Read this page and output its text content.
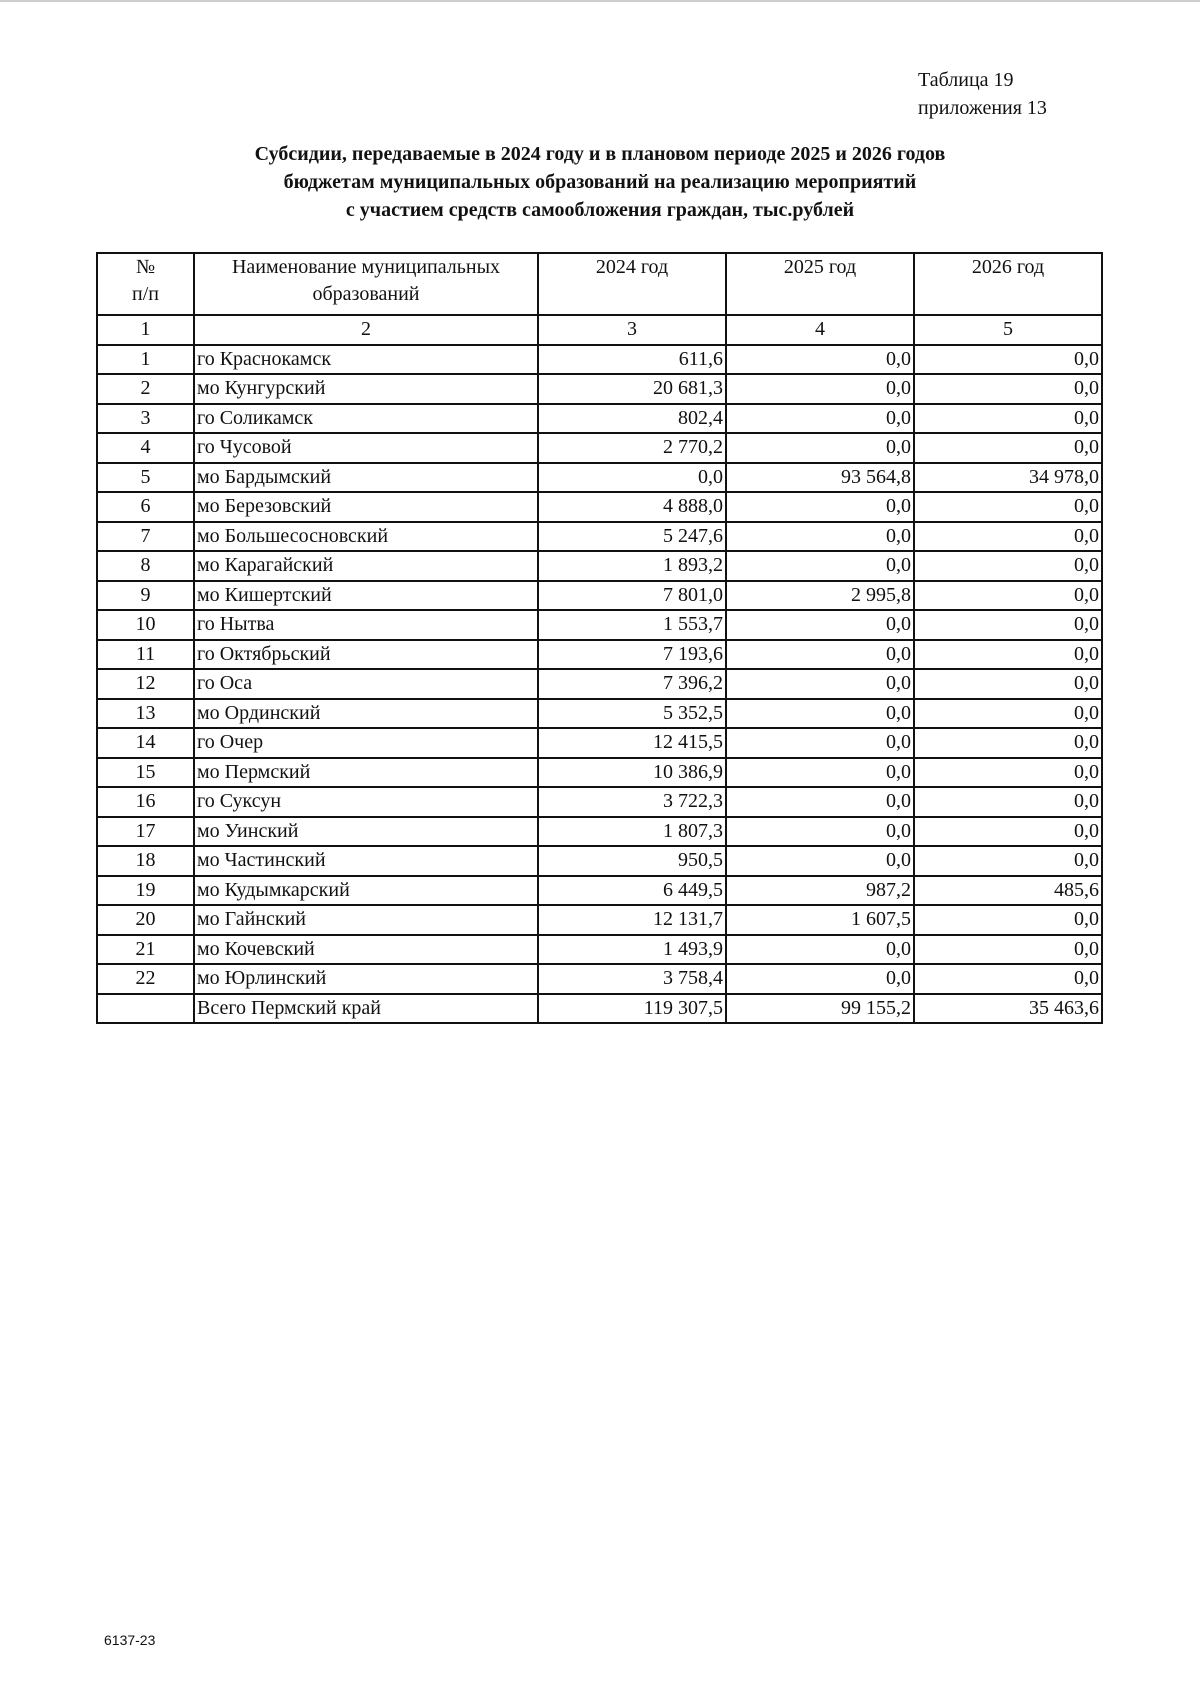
Таблица 19
приложения 13
Субсидии, передаваемые в 2024 году и в плановом периоде 2025 и 2026 годов
бюджетам муниципальных образований на реализацию мероприятий
с участием средств самообложения граждан, тыс.рублей
№
п/п	Наименование муниципальных образований	2024 год	2025 год	2026 год
1	2	3	4	5
1	го Краснокамск	611,6	0,0	0,0
2	мо Кунгурский	20 681,3	0,0	0,0
3	го Соликамск	802,4	0,0	0,0
4	го Чусовой	2 770,2	0,0	0,0
5	мо Бардымский	0,0	93 564,8	34 978,0
6	мо Березовский	4 888,0	0,0	0,0
7	мо Большесосновский	5 247,6	0,0	0,0
8	мо Карагайский	1 893,2	0,0	0,0
9	мо Кишертский	7 801,0	2 995,8	0,0
10	го Нытва	1 553,7	0,0	0,0
11	го Октябрьский	7 193,6	0,0	0,0
12	го Оса	7 396,2	0,0	0,0
13	мо Ординский	5 352,5	0,0	0,0
14	го Очер	12 415,5	0,0	0,0
15	мо Пермский	10 386,9	0,0	0,0
16	го Суксун	3 722,3	0,0	0,0
17	мо Уинский	1 807,3	0,0	0,0
18	мо Частинский	950,5	0,0	0,0
19	мо Кудымкарский	6 449,5	987,2	485,6
20	мо Гайнский	12 131,7	1 607,5	0,0
21	мо Кочевский	1 493,9	0,0	0,0
22	мо Юрлинский	3 758,4	0,0	0,0
	Всего Пермский край	119 307,5	99 155,2	35 463,6
6137-23
